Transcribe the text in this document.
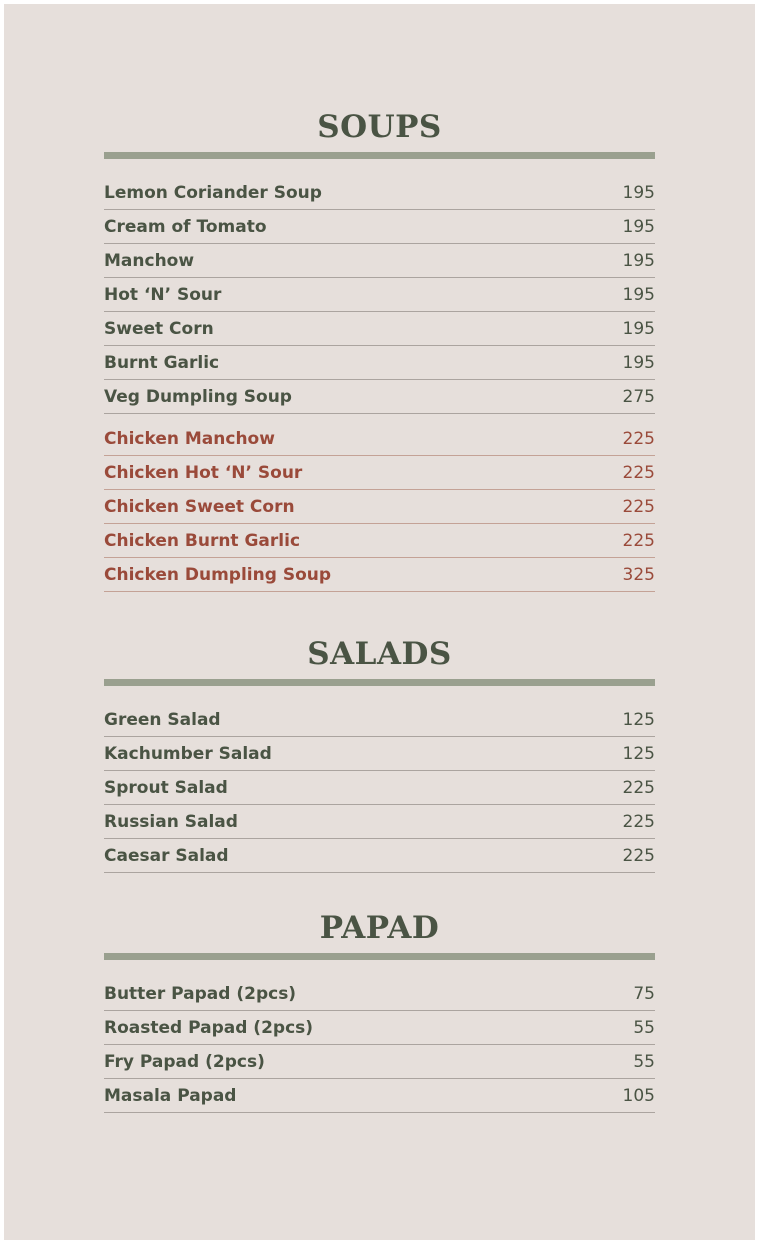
SOUPS
Lemon Coriander Soup	195
Cream of Tomato	195
Manchow	195
Hot ‘N’ Sour	195
Sweet Corn	195
Burnt Garlic	195
Veg Dumpling Soup	275
Chicken Manchow	225
Chicken Hot ‘N’ Sour	225
Chicken Sweet Corn	225
Chicken Burnt Garlic	225
Chicken Dumpling Soup	325
SALADS
Green Salad	125
Kachumber Salad	125
Sprout Salad	225
Russian Salad	225
Caesar Salad	225
PAPAD
Butter Papad (2pcs)	75
Roasted Papad (2pcs)	55
Fry Papad (2pcs)	55
Masala Papad	105
